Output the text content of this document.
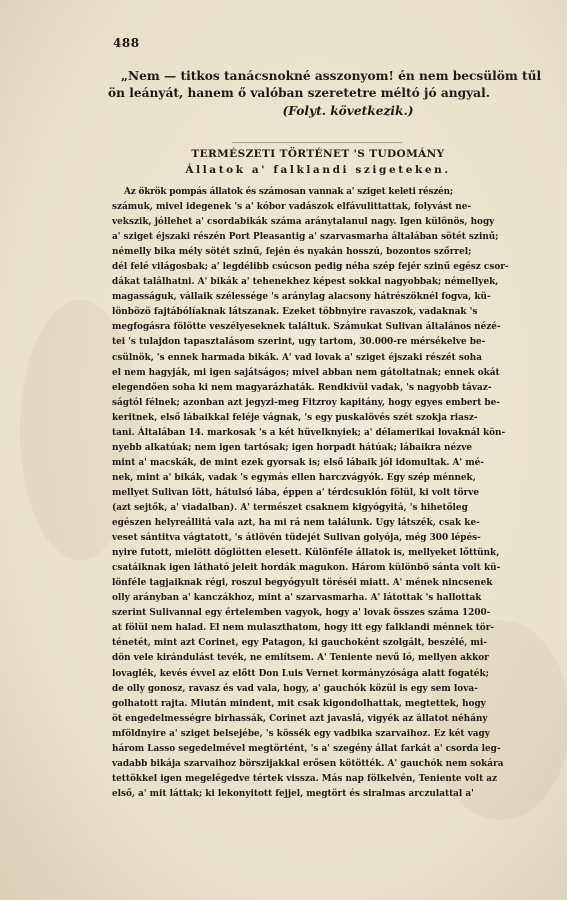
488
„Nem — titkos tanácsnokné asszonyom! én nem becsülöm tűl
ön leányát, hanem ő valóban szeretetre méltó jó angyal.
(Folyt. következik.)
TERMÉSZETI TÖRTÉNET 'S TUDOMÁNY
Állatok a' falklandi szigeteken.
Az ökrök pompás állatok és számosan vannak a' sziget keleti részén;
számuk, mivel idegenek 's a' kóbor vadászok elfávulittattak, folyvást ne-
vekszik, jóllehet a' csordabikák száma aránytalanul nagy. Igen különös, hogy
a' sziget éjszaki részén Port Pleasantig a' szarvasmarha általában sötét szinű;
némelly bika mély sötét szinű, fején és nyakán hosszú, bozontos szőrrel;
dél felé világosbak; a' legdélibb csúcson pedig néha szép fejér szinű egész csor-
dákat találhatni. A' bikák a' tehenekhez képest sokkal nagyobbak; némellyek,
magasságuk, vállaik szélessége 's aránylag alacsony hátrészöknél fogva, kü-
lönbözö fajtábólíaknak látszanak. Ezeket többnyire ravaszok, vadaknak 's
megfogásra fölötte veszélyeseknek találtuk. Számukat Sulivan általános nézé-
tei 's tulajdon tapasztalásom szerint, ugy tartom, 30.000-re mérsékelve be-
csülnök, 's ennek harmada bikák. A' vad lovak a' sziget éjszaki részét soha
el nem hagyják, mi igen sajátságos; mivel abban nem gátoltatnak; ennek okát
elegendően soha ki nem magyarázhaták. Rendkivül vadak, 's nagyobb távaz-
ságtól félnek; azonban azt jegyzi-meg Fitzroy kapitány, hogy egyes embert be-
keritnek, első lábaikkal feléje vágnak, 's egy puskalövés szét szokja riasz-
tani. Általában 14. markosak 's a két hüvelknyiek; a' délamerikai lovaknál kön-
nyebb alkatúak; nem igen tartósak; igen horpadt hátúak; lábaikra nézve
mint a' macskák, de mint ezek gyorsak is; első lábaik jól idomultak. A' mé-
nek, mint a' bikák, vadak 's egymás ellen harczvágyók. Egy szép ménnek,
mellyet Sulivan lött, hátulsó lába, éppen a' térdcsuklón fölül, ki volt törve
(azt sejtők, a' viadalban). A' természet csaknem kigyógyitá, 's hihetőleg
egészen helyreállitá vala azt, ha mi rá nem találunk. Ugy látszék, csak ke-
veset sántitva vágtatott, 's átlövén tüdejét Sulivan golyója, még 300 lépés-
nyire futott, mielött döglötten elesett. Különféle állatok is, mellyeket lőttünk,
csatáiknak igen látható jeleit hordák magukon. Három különbö sánta volt kü-
lönféle tagjaiknak régi, roszul begyógyult töréséi miatt. A' mének nincsenek
olly arányban a' kanczákhoz, mint a' szarvasmarha. A' látottak 's hallottak
szerint Sulivannal egy értelemben vagyok, hogy a' lovak összes száma 1200-
at fölül nem halad. El nem mulaszthatom, hogy itt egy falklandi ménnek tör-
ténetét, mint azt Corinet, egy Patagon, ki gauchoként szolgált, beszélé, mi-
dön vele kirándulást tevék, ne említsem. A' Teniente nevű ló, mellyen akkor
lovaglék, kevés évvel az előtt Don Luis Vernet kormányzósága alatt fogaték;
de olly gonosz, ravasz és vad vala, hogy, a' gauchók közül is egy sem lova-
golhatott rajta. Miután mindent, mit csak kigondolhattak, megtettek, hogy
öt engedelmességre birhassák, Corinet azt javaslá, vigyék az állatot néhány
mföldnyire a' sziget belsejébe, 's kössék egy vadbika szarvaihoz. Ez két vagy
három Lasso segedelmével megtörtént, 's a' szegény állat farkát a' csorda leg-
vadabb bikája szarvaihoz börszijakkal erősen kötötték. A' gauchók nem sokára
tettökkel igen megelégedve tértek vissza. Más nap fölkelvén, Teniente volt az
első, a' mit láttak; ki lekonyitott fejjel, megtört és siralmas arczulattal a'
